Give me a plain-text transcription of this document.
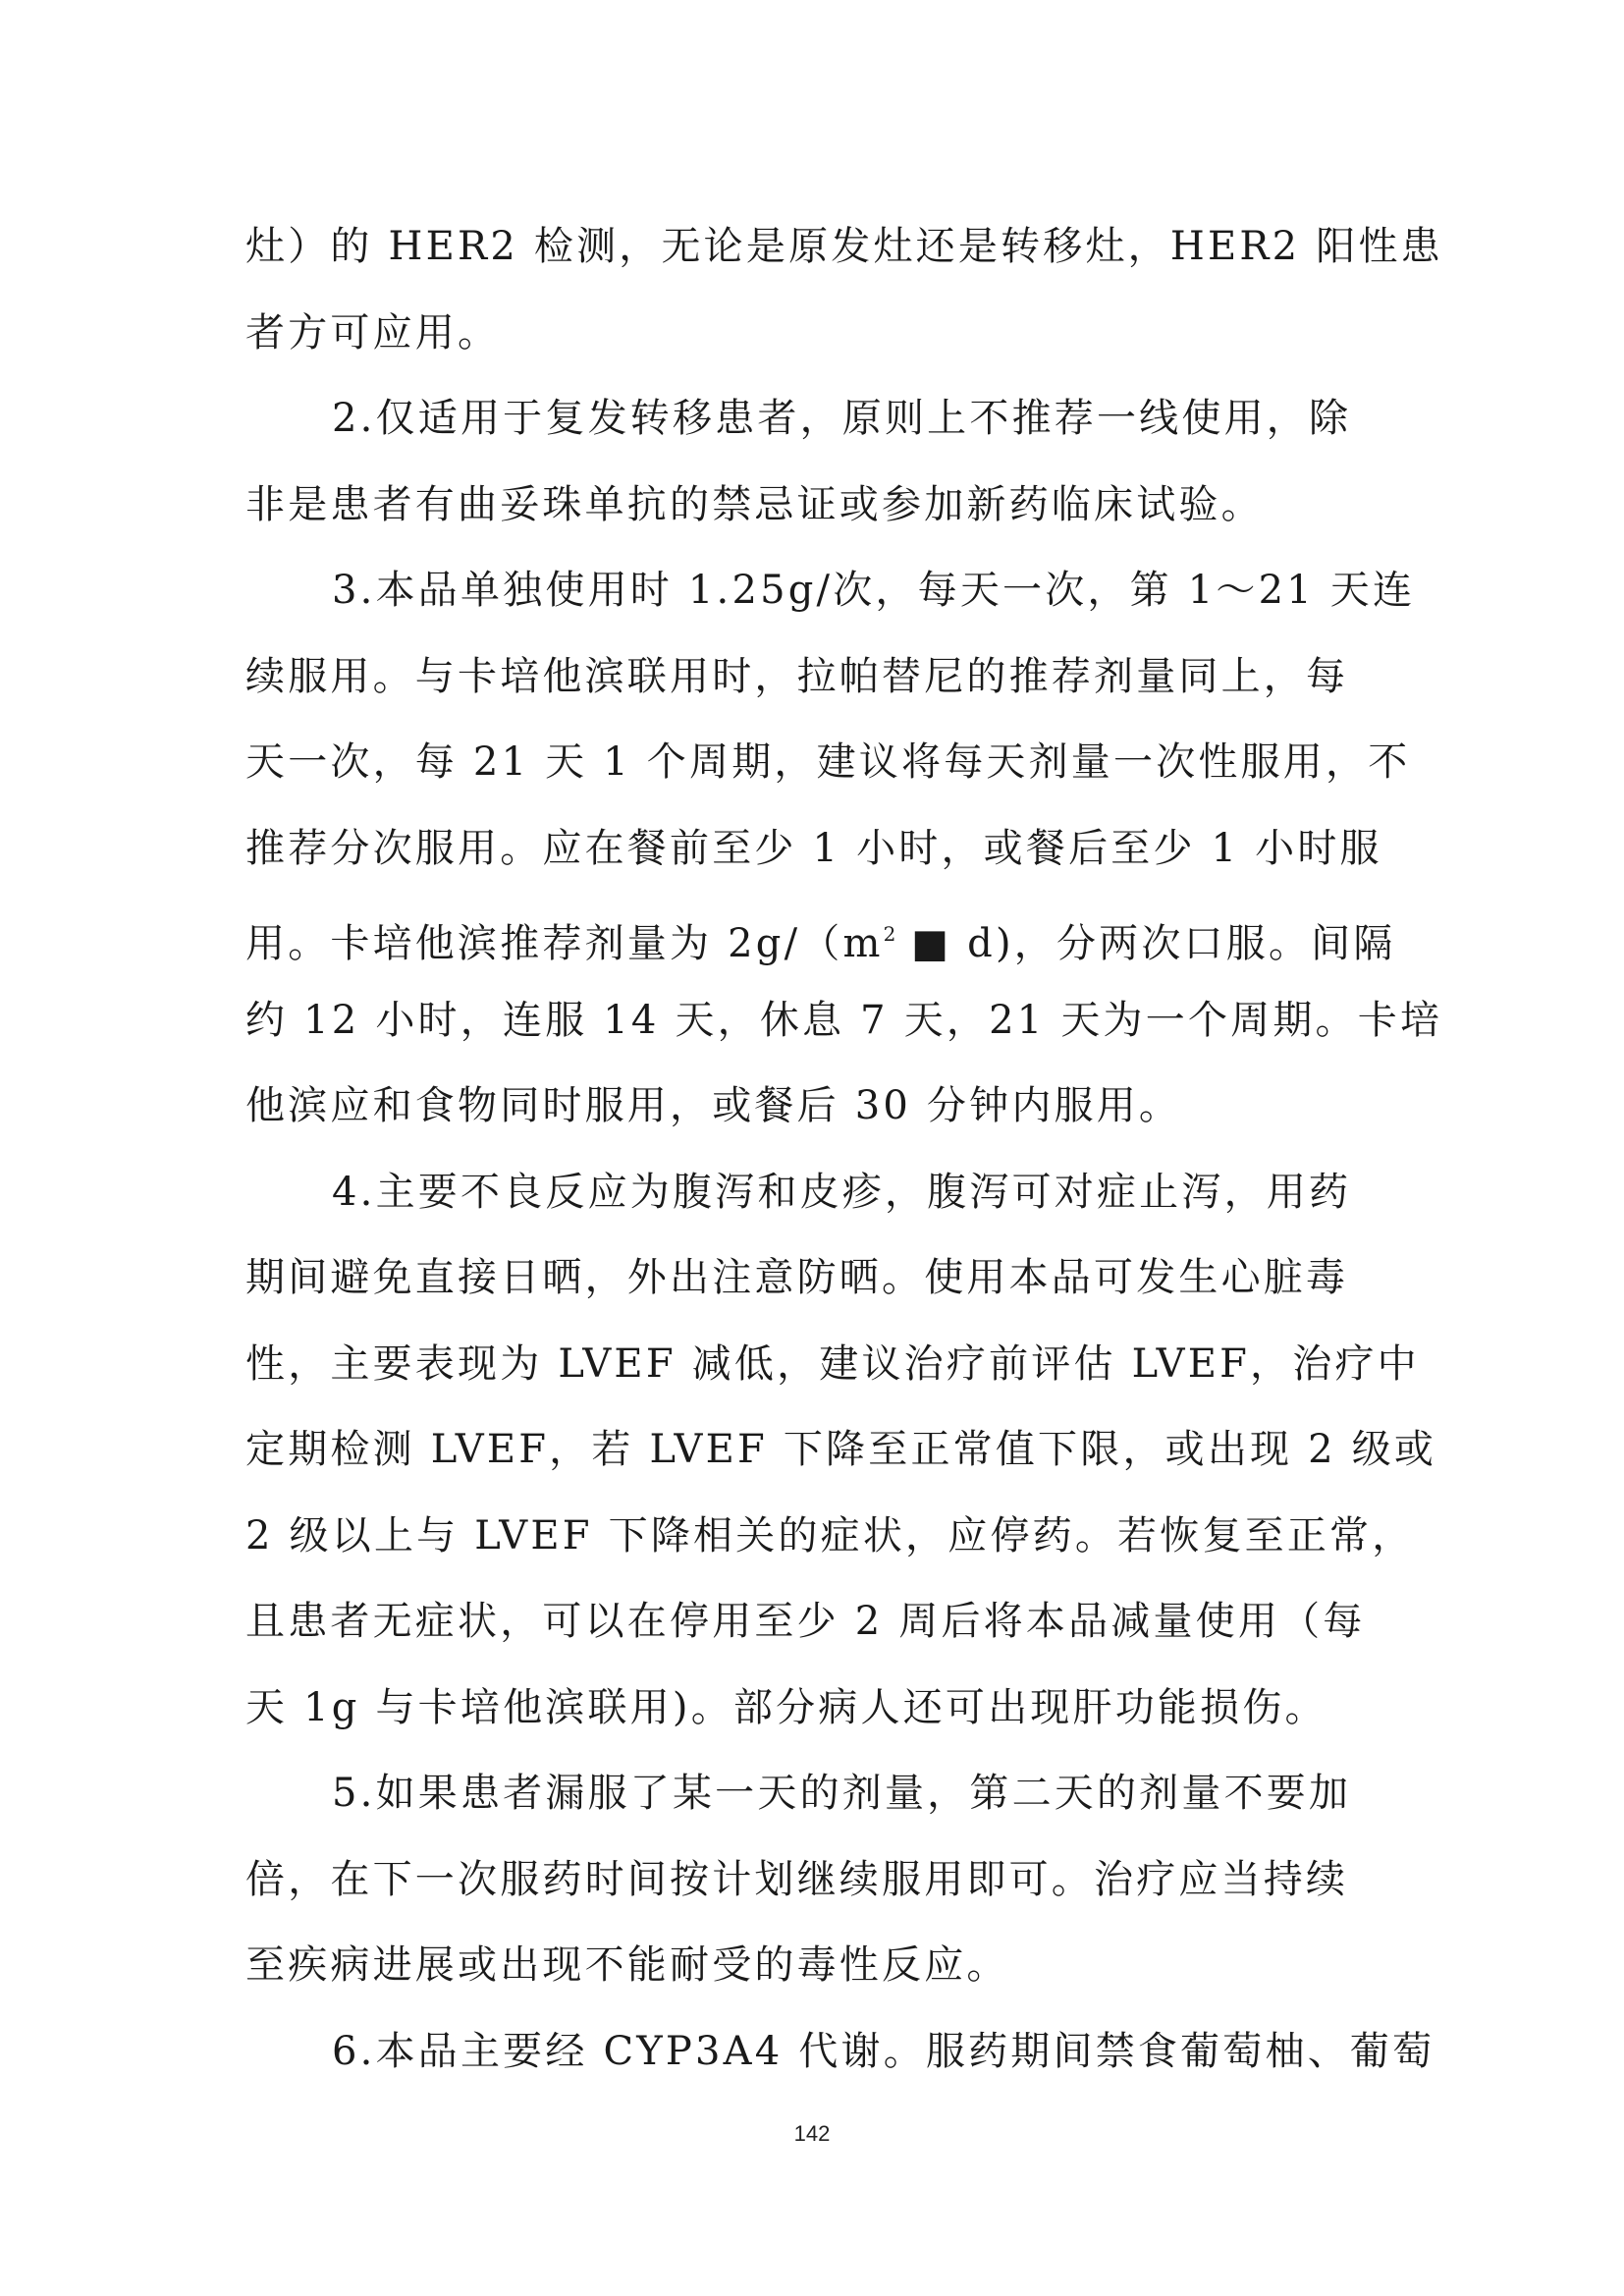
灶）的 HER2 检测，无论是原发灶还是转移灶，HER2 阳性患
者方可应用。
2.仅适用于复发转移患者，原则上不推荐一线使用，除
非是患者有曲妥珠单抗的禁忌证或参加新药临床试验。
3.本品单独使用时 1.25g/次，每天一次，第 1～21 天连
续服用。与卡培他滨联用时，拉帕替尼的推荐剂量同上，每
天一次，每 21 天 1 个周期，建议将每天剂量一次性服用，不
推荐分次服用。应在餐前至少 1 小时，或餐后至少 1 小时服
用。卡培他滨推荐剂量为 $2g/(m^2$ ■ d)，分两次口服。间隔
约 12 小时，连服 14 天，休息 7 天，21 天为一个周期。卡培
他滨应和食物同时服用，或餐后 30 分钟内服用。
4.主要不良反应为腹泻和皮疹，腹泻可对症止泻，用药
期间避免直接日晒，外出注意防晒。使用本品可发生心脏毒
性，主要表现为 LVEF 减低，建议治疗前评估 LVEF，治疗中
定期检测 LVEF，若 LVEF 下降至正常值下限，或出现 2 级或
2 级以上与 LVEF 下降相关的症状，应停药。若恢复至正常，
且患者无症状，可以在停用至少 2 周后将本品减量使用（每
天 1g 与卡培他滨联用)。部分病人还可出现肝功能损伤。
5.如果患者漏服了某一天的剂量，第二天的剂量不要加
倍，在下一次服药时间按计划继续服用即可。治疗应当持续
至疾病进展或出现不能耐受的毒性反应。
6.本品主要经 CYP3A4 代谢。服药期间禁食葡萄柚、葡萄
142
